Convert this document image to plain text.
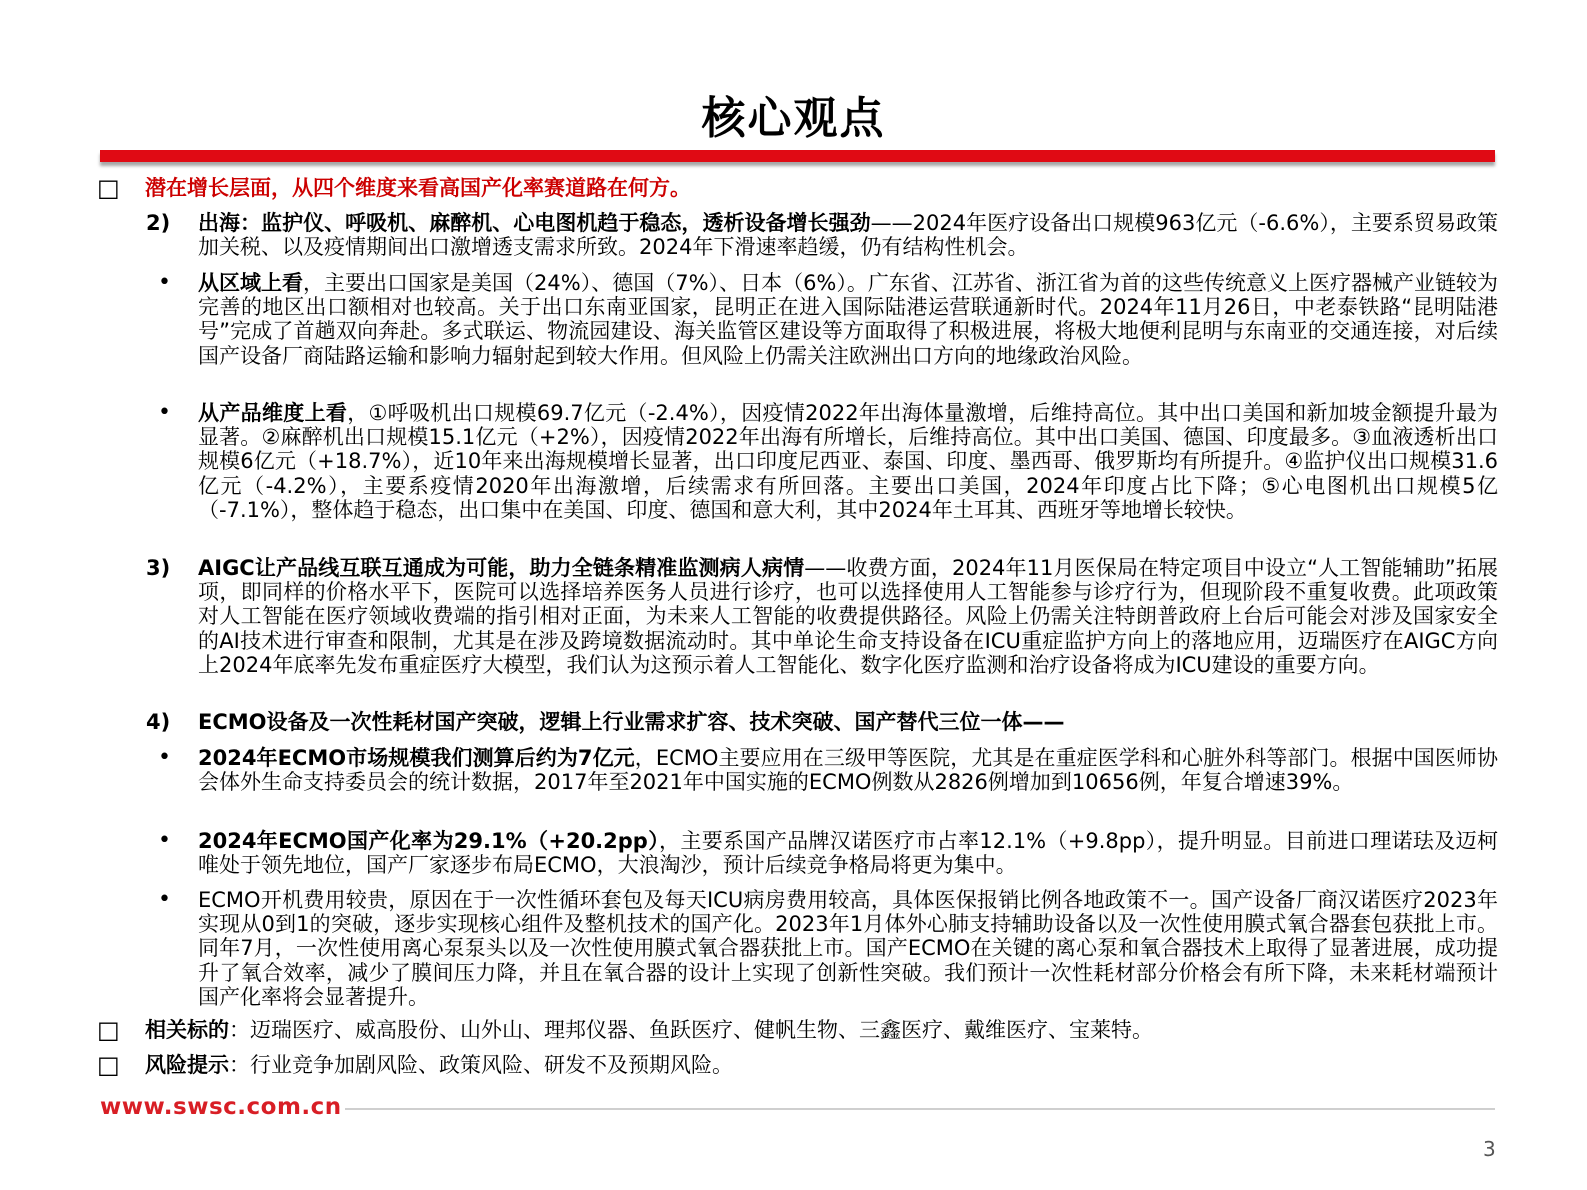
核心观点
□ 潜在增长层面，从四个维度来看高国产化率赛道路在何方。
2) 出海：监护仪、呼吸机、麻醉机、心电图机趋于稳态，透析设备增长强劲——2024年医疗设备出口规模963亿元（-6.6%），主要系贸易政策加关税、以及疫情期间出口激增透支需求所致。2024年下滑速率趋缓，仍有结构性机会。
• 从区域上看，主要出口国家是美国（24%）、德国（7%）、日本（6%）。广东省、江苏省、浙江省为首的这些传统意义上医疗器械产业链较为完善的地区出口额相对也较高。关于出口东南亚国家，昆明正在进入国际陆港运营联通新时代。2024年11月26日，中老泰铁路“昆明陆港号”完成了首趟双向奔赴。多式联运、物流园建设、海关监管区建设等方面取得了积极进展，将极大地便利昆明与东南亚的交通连接，对后续国产设备厂商陆路运输和影响力辐射起到较大作用。但风险上仍需关注欧洲出口方向的地缘政治风险。
• 从产品维度上看，①呼吸机出口规模69.7亿元（-2.4%），因疫情2022年出海体量激增，后维持高位。其中出口美国和新加坡金额提升最为显著。②麻醉机出口规模15.1亿元（+2%），因疫情2022年出海有所增长，后维持高位。其中出口美国、德国、印度最多。③血液透析出口规模6亿元（+18.7%），近10年来出海规模增长显著，出口印度尼西亚、泰国、印度、墨西哥、俄罗斯均有所提升。④监护仪出口规模31.6亿元（-4.2%），主要系疫情2020年出海激增，后续需求有所回落。主要出口美国，2024年印度占比下降；⑤心电图机出口规模5亿（-7.1%），整体趋于稳态，出口集中在美国、印度、德国和意大利，其中2024年土耳其、西班牙等地增长较快。
3) AIGC让产品线互联互通成为可能，助力全链条精准监测病人病情——收费方面，2024年11月医保局在特定项目中设立“人工智能辅助”拓展项，即同样的价格水平下，医院可以选择培养医务人员进行诊疗，也可以选择使用人工智能参与诊疗行为，但现阶段不重复收费。此项政策对人工智能在医疗领域收费端的指引相对正面，为未来人工智能的收费提供路径。风险上仍需关注特朗普政府上台后可能会对涉及国家安全的AI技术进行审查和限制，尤其是在涉及跨境数据流动时。其中单论生命支持设备在ICU重症监护方向上的落地应用，迈瑞医疗在AIGC方向上2024年底率先发布重症医疗大模型，我们认为这预示着人工智能化、数字化医疗监测和治疗设备将成为ICU建设的重要方向。
4) ECMO设备及一次性耗材国产突破，逻辑上行业需求扩容、技术突破、国产替代三位一体——
• 2024年ECMO市场规模我们测算后约为7亿元，ECMO主要应用在三级甲等医院，尤其是在重症医学科和心脏外科等部门。根据中国医师协会体外生命支持委员会的统计数据，2017年至2021年中国实施的ECMO例数从2826例增加到10656例，年复合增速39%。
• 2024年ECMO国产化率为29.1%（+20.2pp），主要系国产品牌汉诺医疗市占率12.1%（+9.8pp），提升明显。目前进口理诺珐及迈柯唯处于领先地位，国产厂家逐步布局ECMO，大浪淘沙，预计后续竞争格局将更为集中。
• ECMO开机费用较贵，原因在于一次性循环套包及每天ICU病房费用较高，具体医保报销比例各地政策不一。国产设备厂商汉诺医疗2023年实现从0到1的突破，逐步实现核心组件及整机技术的国产化。2023年1月体外心肺支持辅助设备以及一次性使用膜式氧合器套包获批上市。同年7月，一次性使用离心泵泵头以及一次性使用膜式氧合器获批上市。国产ECMO在关键的离心泵和氧合器技术上取得了显著进展，成功提升了氧合效率，减少了膜间压力降，并且在氧合器的设计上实现了创新性突破。我们预计一次性耗材部分价格会有所下降，未来耗材端预计国产化率将会显著提升。
□ 相关标的：迈瑞医疗、威高股份、山外山、理邦仪器、鱼跃医疗、健帆生物、三鑫医疗、戴维医疗、宝莱特。
□ 风险提示：行业竞争加剧风险、政策风险、研发不及预期风险。
www.swsc.com.cn
3
